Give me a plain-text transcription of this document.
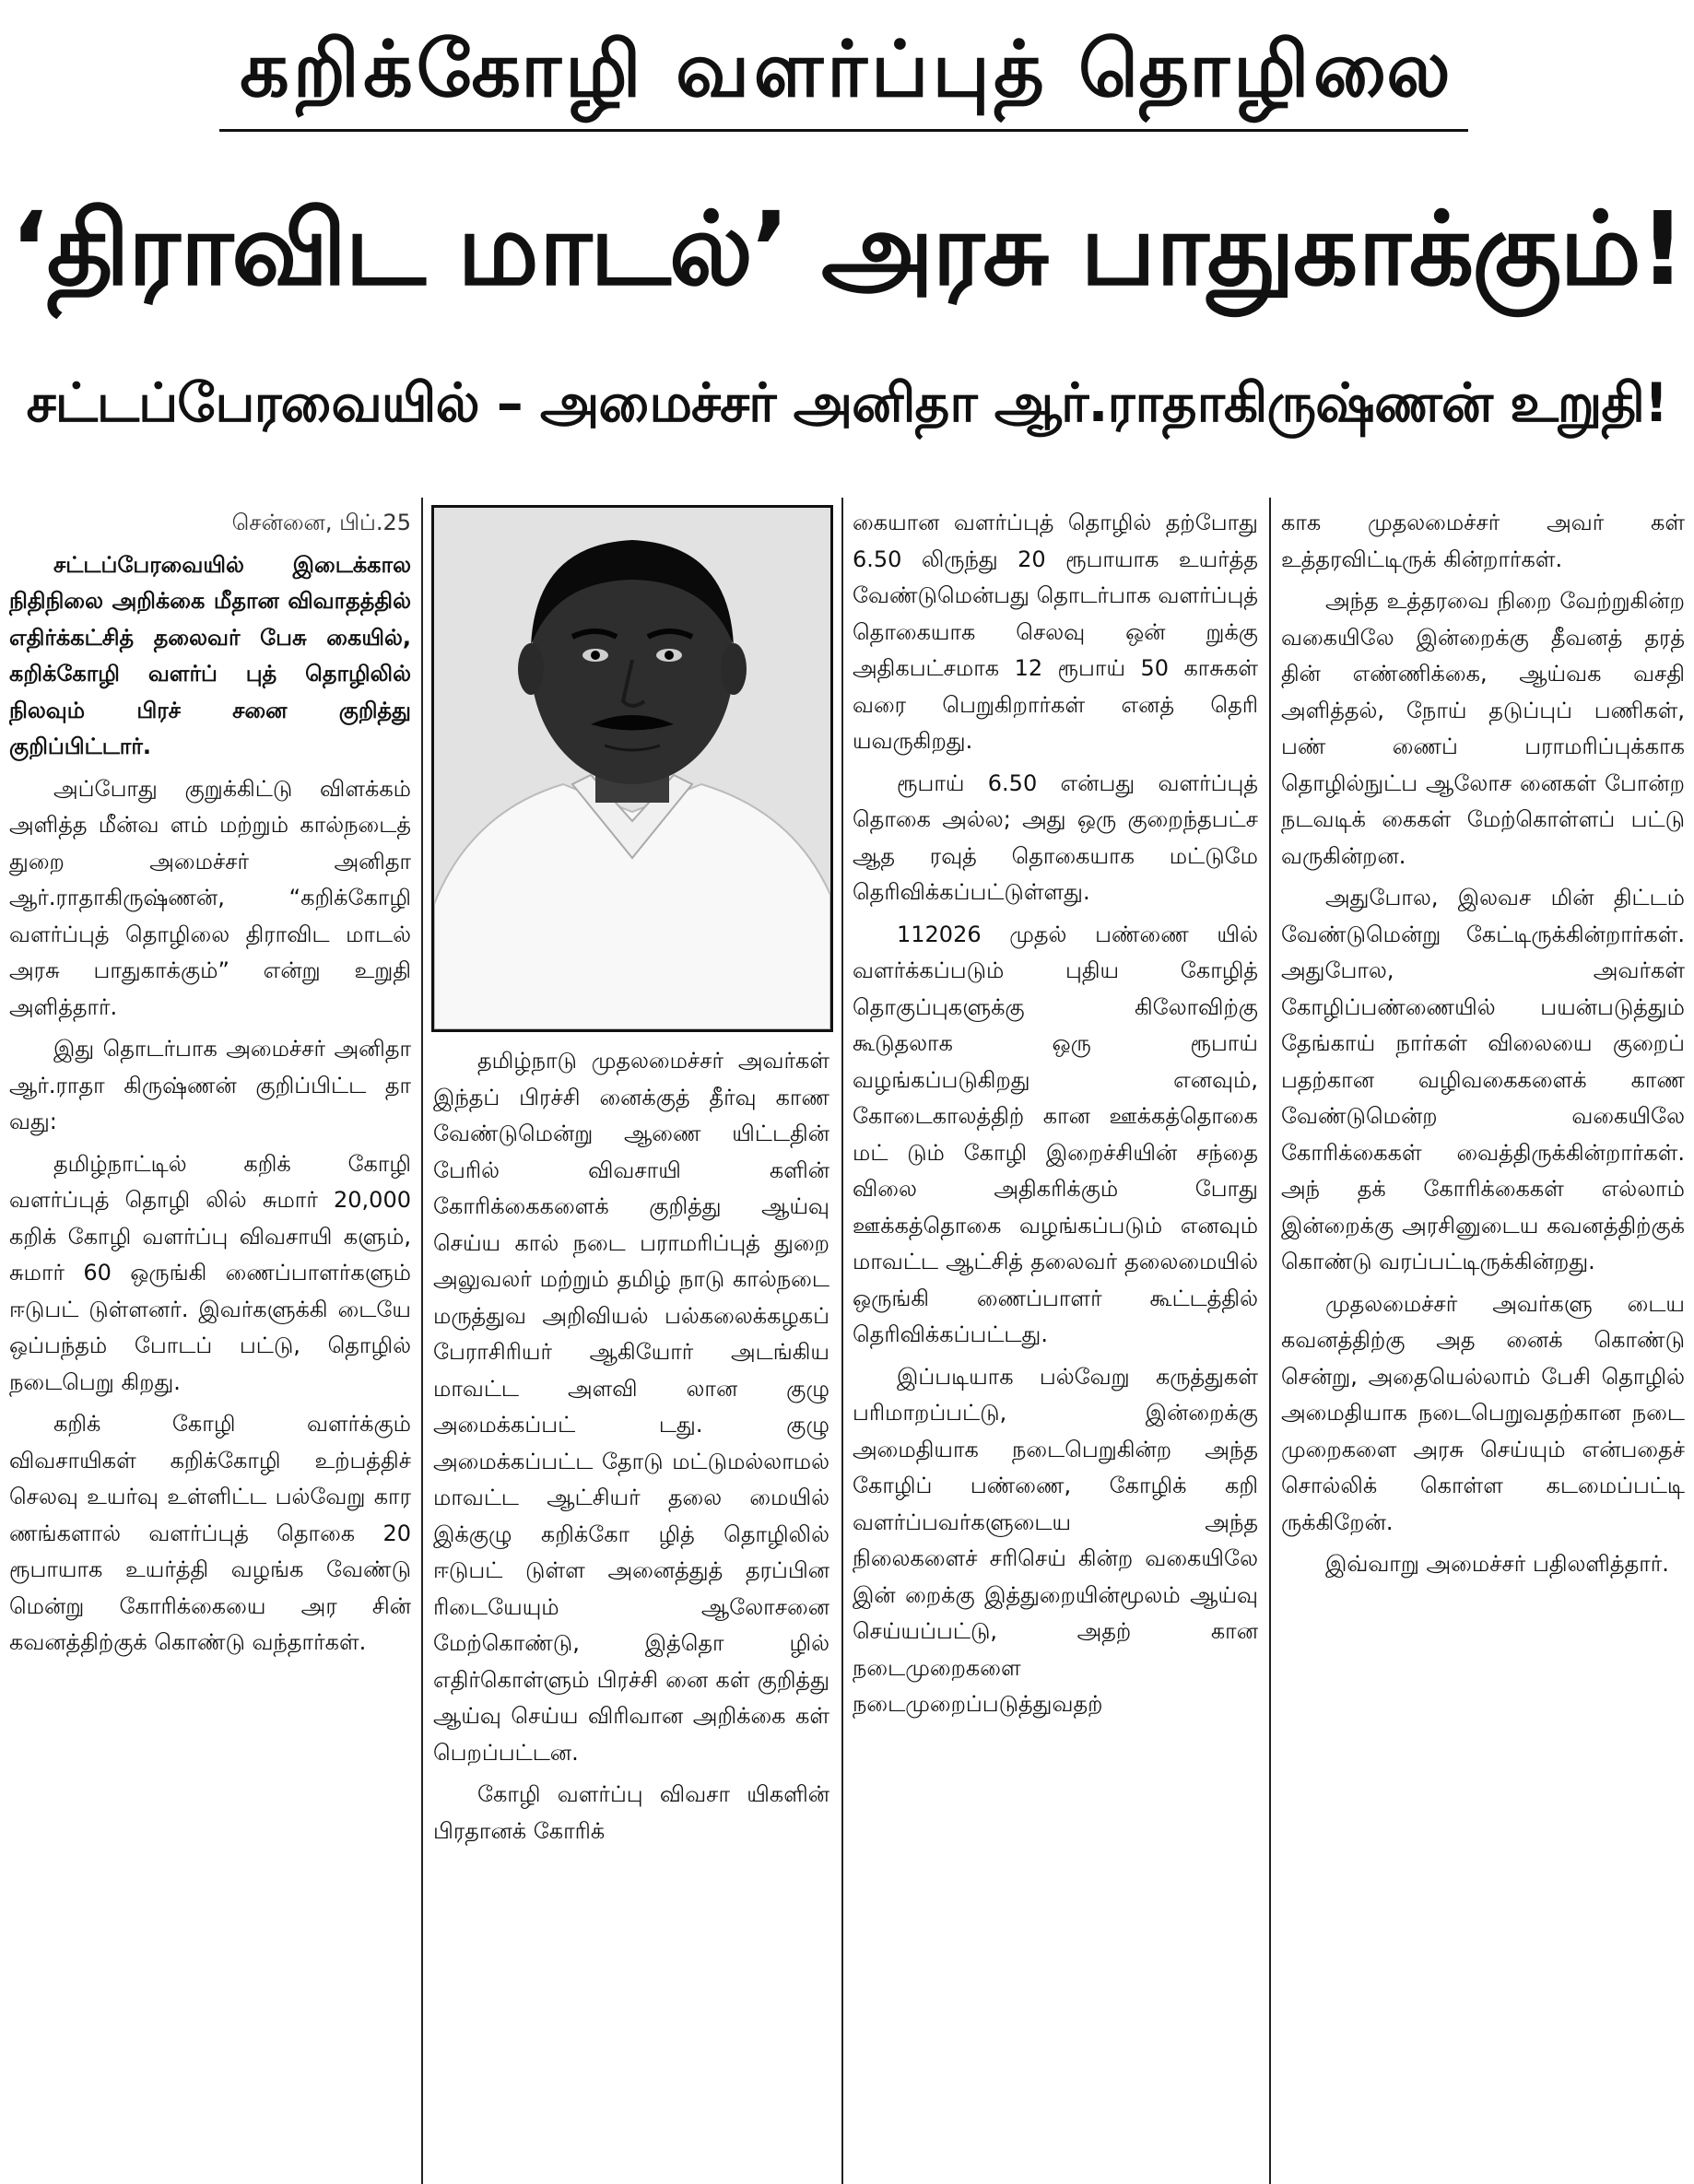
கறிக்கோழி வளர்ப்புத் தொழிலை
‘திராவிட மாடல்’ அரசு பாதுகாக்கும்!
சட்டப்பேரவையில் – அமைச்சர் அனிதா ஆர்.ராதாகிருஷ்ணன் உறுதி!

சென்னை, பிப்.25

சட்டப்பேரவையில் இடைக்கால நிதிநிலை அறிக்கை மீதான விவாதத்தில் எதிர்க்கட்சித் தலைவர் பேசு கையில், கறிக்கோழி வளர்ப் புத் தொழிலில் நிலவும் பிரச் சனை குறித்து குறிப்பிட்டார்.

அப்போது குறுக்கிட்டு விளக்கம் அளித்த மீன்வ ளம் மற்றும் கால்நடைத் துறை அமைச்சர் அனிதா ஆர்.ராதாகிருஷ்ணன், “கறிக்கோழி வளர்ப்புத் தொழிலை திராவிட மாடல் அரசு பாதுகாக்கும்” என்று உறுதி அளித்தார்.

இது தொடர்பாக அமைச்சர் அனிதா ஆர்.ராதா கிருஷ்ணன் குறிப்பிட்ட தா வது:

தமிழ்நாட்டில் கறிக் கோழி வளர்ப்புத் தொழி லில் சுமார் 20,000 கறிக் கோழி வளர்ப்பு விவசாயி களும், சுமார் 60 ஒருங்கி ணைப்பாளர்களும் ஈடுபட் டுள்ளனர். இவர்களுக்கி டையே ஒப்பந்தம் போடப் பட்டு, தொழில் நடைபெறு கிறது.

கறிக் கோழி வளர்க்கும் விவசாயிகள் கறிக்கோழி உற்பத்திச் செலவு உயர்வு உள்ளிட்ட பல்வேறு கார ணங்களால் வளர்ப்புத் தொகை 20 ரூபாயாக உயர்த்தி வழங்க வேண்டு மென்று கோரிக்கையை அர சின் கவனத்திற்குக் கொண்டு வந்தார்கள்.

தமிழ்நாடு முதலமைச்சர் அவர்கள் இந்தப் பிரச்சி னைக்குத் தீர்வு காண வேண்டுமென்று ஆணை யிட்டதின் பேரில் விவசாயி களின் கோரிக்கைகளைக் குறித்து ஆய்வு செய்ய கால் நடை பராமரிப்புத் துறை அலுவலர் மற்றும் தமிழ் நாடு கால்நடை மருத்துவ அறிவியல் பல்கலைக்கழகப் பேராசிரியர் ஆகியோர் அடங்கிய மாவட்ட அளவி லான குழு அமைக்கப்பட் டது. குழு அமைக்கப்பட்ட தோடு மட்டுமல்லாமல் மாவட்ட ஆட்சியர் தலை மையில் இக்குழு கறிக்கோ ழித் தொழிலில் ஈடுபட் டுள்ள அனைத்துத் தரப்பின ரிடையேயும் ஆலோசனை மேற்கொண்டு, இத்தொ ழில் எதிர்கொள்ளும் பிரச்சி னை கள் குறித்து ஆய்வு செய்ய விரிவான அறிக்கை கள் பெறப்பட்டன.

கோழி வளர்ப்பு விவசா யிகளின் பிரதானக் கோரிக்

கையான வளர்ப்புத் தொழில் தற்போது 6.50 லிருந்து 20 ரூபாயாக உயர்த்த வேண்டுமென்பது தொடர்பாக வளர்ப்புத் தொகையாக செலவு ஒன் றுக்கு அதிகபட்சமாக 12 ரூபாய் 50 காசுகள் வரை பெறுகிறார்கள் எனத் தெரி யவருகிறது.

ரூபாய் 6.50 என்பது வளர்ப்புத் தொகை அல்ல; அது ஒரு குறைந்தபட்ச ஆத ரவுத் தொகையாக மட்டுமே தெரிவிக்கப்பட்டுள்ளது.

112026 முதல் பண்ணை யில் வளர்க்கப்படும் புதிய கோழித் தொகுப்புகளுக்கு கிலோவிற்கு கூடுதலாக ஒரு ரூபாய் வழங்கப்படுகிறது எனவும், கோடைகாலத்திற் கான ஊக்கத்தொகை மட் டும் கோழி இறைச்சியின் சந்தை விலை அதிகரிக்கும் போது ஊக்கத்தொகை வழங்கப்படும் எனவும் மாவட்ட ஆட்சித் தலைவர் தலைமையில் ஒருங்கி ணைப்பாளர் கூட்டத்தில் தெரிவிக்கப்பட்டது.

இப்படியாக பல்வேறு கருத்துகள் பரிமாறப்பட்டு, இன்றைக்கு அமைதியாக நடைபெறுகின்ற அந்த கோழிப் பண்ணை, கோழிக் கறி வளர்ப்பவர்களுடைய அந்த நிலைகளைச் சரிசெய் கின்ற வகையிலே இன் றைக்கு இத்துறையின்மூலம் ஆய்வு செய்யப்பட்டு, அதற் கான நடைமுறைகளை நடைமுறைப்படுத்துவதற்

காக முதலமைச்சர் அவர் கள் உத்தரவிட்டிருக் கின்றார்கள்.

அந்த உத்தரவை நிறை வேற்றுகின்ற வகையிலே இன்றைக்கு தீவனத் தரத் தின் எண்ணிக்கை, ஆய்வக வசதி அளித்தல், நோய் தடுப்புப் பணிகள், பண் ணைப் பராமரிப்புக்காக தொழில்நுட்ப ஆலோச னைகள் போன்ற நடவடிக் கைகள் மேற்கொள்ளப் பட்டு வருகின்றன.

அதுபோல, இலவச மின் திட்டம் வேண்டுமென்று கேட்டிருக்கின்றார்கள். அதுபோல, அவர்கள் கோழிப்பண்ணையில் பயன்படுத்தும் தேங்காய் நார்கள் விலையை குறைப் பதற்கான வழிவகைகளைக் காண வேண்டுமென்ற வகையிலே கோரிக்கைகள் வைத்திருக்கின்றார்கள். அந் தக் கோரிக்கைகள் எல்லாம் இன்றைக்கு அரசினுடைய கவனத்திற்குக் கொண்டு வரப்பட்டிருக்கின்றது.

முதலமைச்சர் அவர்களு டைய கவனத்திற்கு அத னைக் கொண்டு சென்று, அதையெல்லாம் பேசி தொழில் அமைதியாக நடைபெறுவதற்கான நடை முறைகளை அரசு செய்யும் என்பதைச் சொல்லிக் கொள்ள கடமைப்பட்டி ருக்கிறேன்.

இவ்வாறு அமைச்சர் பதிலளித்தார்.
